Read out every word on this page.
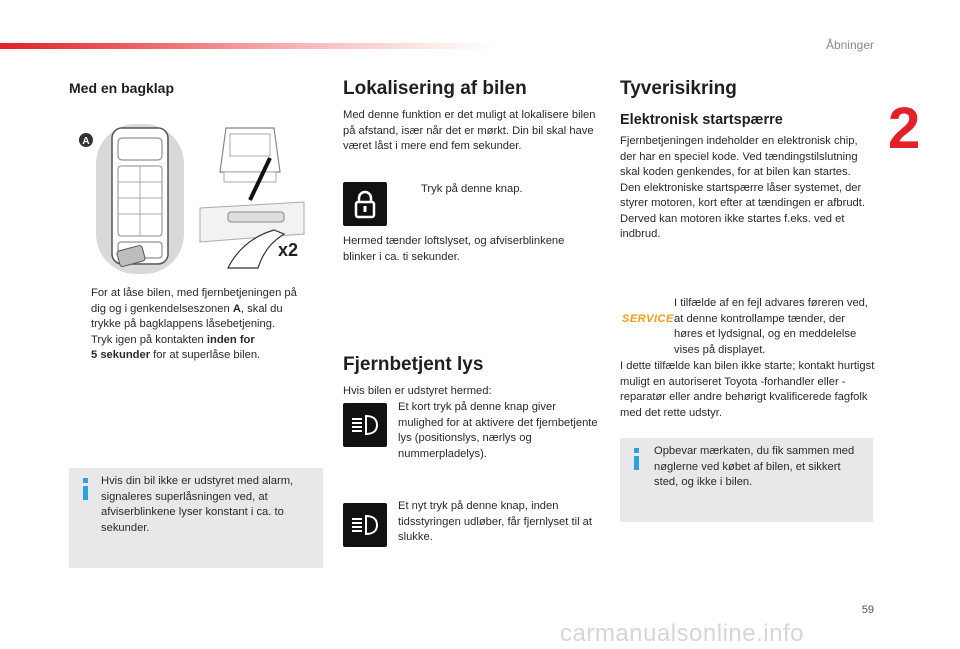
Åbninger
2
Med en bagklap
A
x2
For at låse bilen, med fjernbetjeningen på
dig og i genkendelseszonen A, skal du
trykke på bagklappens låsebetjening.
Tryk igen på kontakten inden for
5 sekunder for at superlåse bilen.

Hvis din bil ikke er udstyret med alarm, signaleres superlåsningen ved, at afviserblinkene lyser konstant i ca. to sekunder.

Lokalisering af bilen

Med denne funktion er det muligt at lokalisere bilen på afstand, især når det er mørkt. Din bil skal have været låst i mere end fem sekunder.

Tryk på denne knap.

Hermed tænder loftslyset, og afviserblinkene blinker i ca. ti sekunder.

Fjernbetjent lys

Hvis bilen er udstyret hermed:

Et kort tryk på denne knap giver mulighed for at aktivere det fjernbetjente lys (positionslys, nærlys og nummerpladelys).

Et nyt tryk på denne knap, inden tidsstyringen udløber, får fjernlyset til at slukke.

Tyverisikring
Elektronisk startspærre

Fjernbetjeningen indeholder en elektronisk chip, der har en speciel kode. Ved tændingstilslutning skal koden genkendes, for at bilen kan startes.

Den elektroniske startspærre låser systemet, der styrer motoren, kort efter at tændingen er afbrudt. Derved kan motoren ikke startes f.eks. ved et indbrud.

SERVICE

I tilfælde af en fejl advares føreren ved, at denne kontrollampe tænder, der høres et lydsignal, og en meddelelse vises på displayet.

I dette tilfælde kan bilen ikke starte; kontakt hurtigst muligt en autoriseret Toyota -forhandler eller -reparatør eller andre behørigt kvalificerede fagfolk med det rette udstyr.

Opbevar mærkaten, du fik sammen med nøglerne ved købet af bilen, et sikkert sted, og ikke i bilen.

59
carmanualsonline.info
